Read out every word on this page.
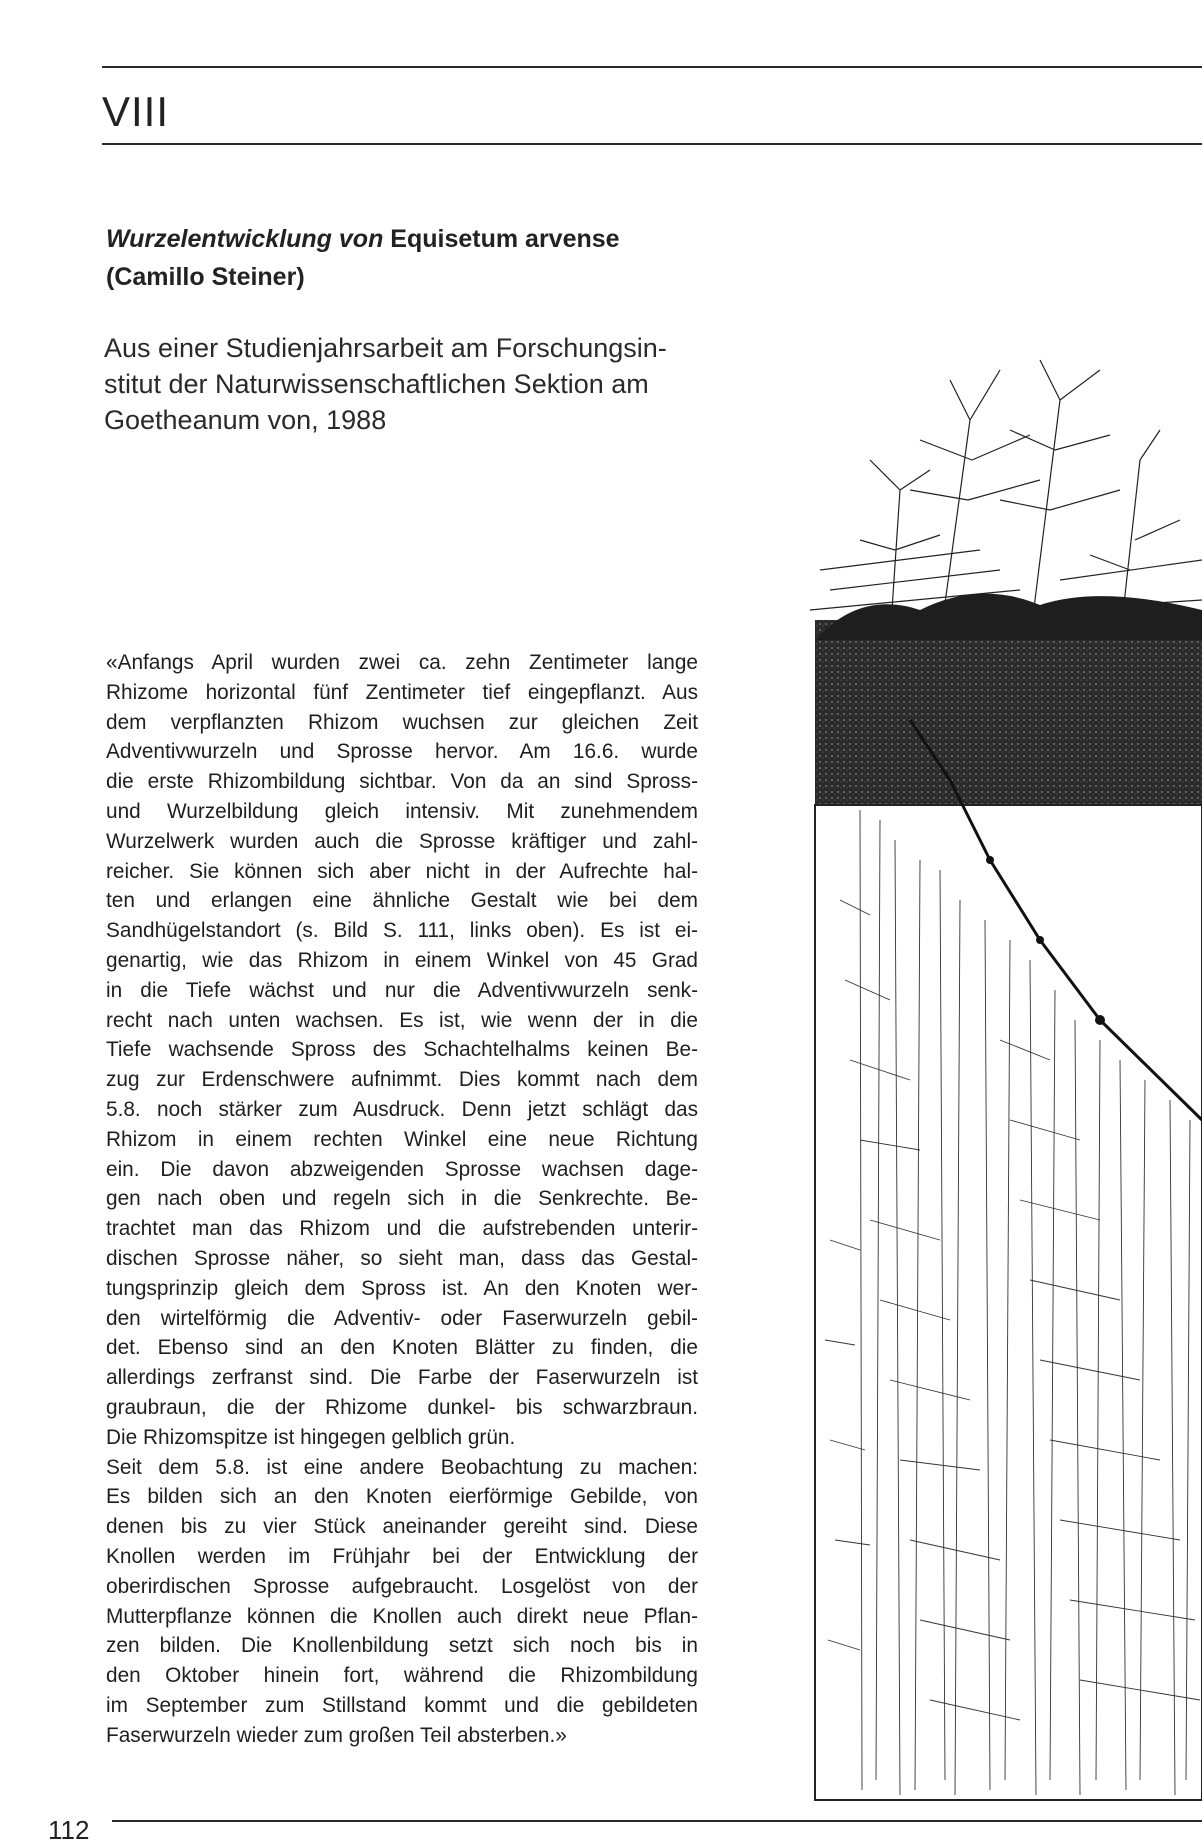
VIII
Wurzelentwicklung von Equisetum arvense
(Camillo Steiner)
Aus einer Studienjahrsarbeit am Forschungsin-
stitut der Naturwissenschaftlichen Sektion am
Goetheanum von, 1988
«Anfangs April wurden zwei ca. zehn Zentimeter lange
Rhizome horizontal fünf Zentimeter tief eingepflanzt. Aus
dem verpflanzten Rhizom wuchsen zur gleichen Zeit
Adventivwurzeln und Sprosse hervor. Am 16.6. wurde
die erste Rhizombildung sichtbar. Von da an sind Spross-
und Wurzelbildung gleich intensiv. Mit zunehmendem
Wurzelwerk wurden auch die Sprosse kräftiger und zahl-
reicher. Sie können sich aber nicht in der Aufrechte hal-
ten und erlangen eine ähnliche Gestalt wie bei dem
Sandhügelstandort (s. Bild S. 111, links oben). Es ist ei-
genartig, wie das Rhizom in einem Winkel von 45 Grad
in die Tiefe wächst und nur die Adventivwurzeln senk-
recht nach unten wachsen. Es ist, wie wenn der in die
Tiefe wachsende Spross des Schachtelhalms keinen Be-
zug zur Erdenschwere aufnimmt. Dies kommt nach dem
5.8. noch stärker zum Ausdruck. Denn jetzt schlägt das
Rhizom in einem rechten Winkel eine neue Richtung
ein. Die davon abzweigenden Sprosse wachsen dage-
gen nach oben und regeln sich in die Senkrechte. Be-
trachtet man das Rhizom und die aufstrebenden unterir-
dischen Sprosse näher, so sieht man, dass das Gestal-
tungsprinzip gleich dem Spross ist. An den Knoten wer-
den wirtelförmig die Adventiv- oder Faserwurzeln gebil-
det. Ebenso sind an den Knoten Blätter zu finden, die
allerdings zerfranst sind. Die Farbe der Faserwurzeln ist
graubraun, die der Rhizome dunkel- bis schwarzbraun.
Die Rhizomspitze ist hingegen gelblich grün.
Seit dem 5.8. ist eine andere Beobachtung zu machen:
Es bilden sich an den Knoten eierförmige Gebilde, von
denen bis zu vier Stück aneinander gereiht sind. Diese
Knollen werden im Frühjahr bei der Entwicklung der
oberirdischen Sprosse aufgebraucht. Losgelöst von der
Mutterpflanze können die Knollen auch direkt neue Pflan-
zen bilden. Die Knollenbildung setzt sich noch bis in
den Oktober hinein fort, während die Rhizombildung
im September zum Stillstand kommt und die gebildeten
Faserwurzeln wieder zum großen Teil absterben.»
112
